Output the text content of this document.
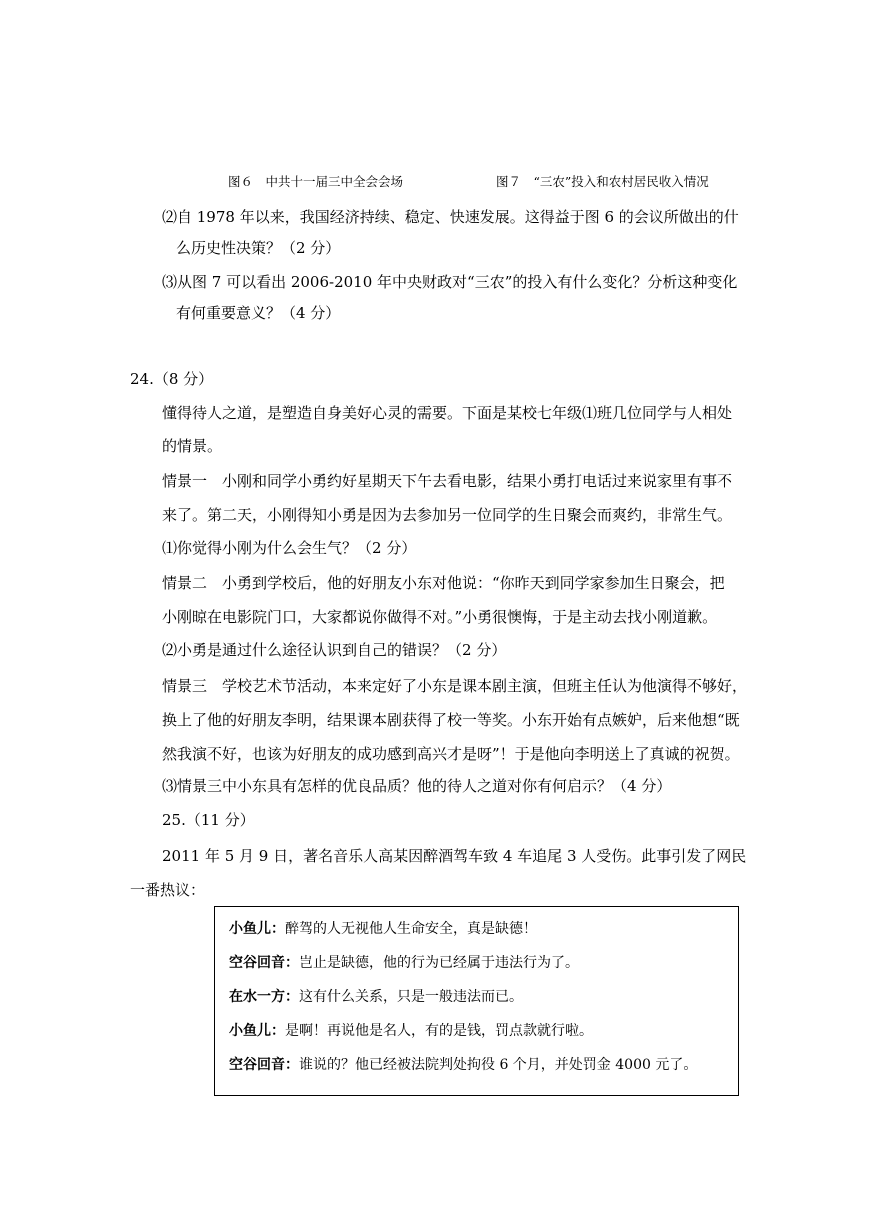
图６　中共十一届三中全会会场	图７　“三农”投入和农村居民收入情况
⑵自 1978 年以来，我国经济持续、稳定、快速发展。这得益于图 6 的会议所做出的什
么历史性决策？（2 分）
⑶从图 7 可以看出 2006-2010 年中央财政对“三农”的投入有什么变化？分析这种变化
有何重要意义？（4 分）
24.（8 分）
懂得待人之道，是塑造自身美好心灵的需要。下面是某校七年级⑴班几位同学与人相处
的情景。
情景一　小刚和同学小勇约好星期天下午去看电影，结果小勇打电话过来说家里有事不
来了。第二天，小刚得知小勇是因为去参加另一位同学的生日聚会而爽约，非常生气。
⑴你觉得小刚为什么会生气？（2 分）
情景二　小勇到学校后，他的好朋友小东对他说：“你昨天到同学家参加生日聚会，把
小刚晾在电影院门口，大家都说你做得不对。”小勇很懊悔，于是主动去找小刚道歉。
⑵小勇是通过什么途径认识到自己的错误？（2 分）
情景三　学校艺术节活动，本来定好了小东是课本剧主演，但班主任认为他演得不够好，
换上了他的好朋友李明，结果课本剧获得了校一等奖。小东开始有点嫉妒，后来他想“既
然我演不好，也该为好朋友的成功感到高兴才是呀”！于是他向李明送上了真诚的祝贺。
⑶情景三中小东具有怎样的优良品质？他的待人之道对你有何启示？（4 分）
25.（11 分）
2011 年 5 月 9 日，著名音乐人高某因醉酒驾车致 4 车追尾 3 人受伤。此事引发了网民
一番热议：
小鱼儿：醉驾的人无视他人生命安全，真是缺德！
空谷回音：岂止是缺德，他的行为已经属于违法行为了。
在水一方：这有什么关系，只是一般违法而已。
小鱼儿：是啊！再说他是名人，有的是钱，罚点款就行啦。
空谷回音：谁说的？他已经被法院判处拘役 6 个月，并处罚金 4000 元了。
